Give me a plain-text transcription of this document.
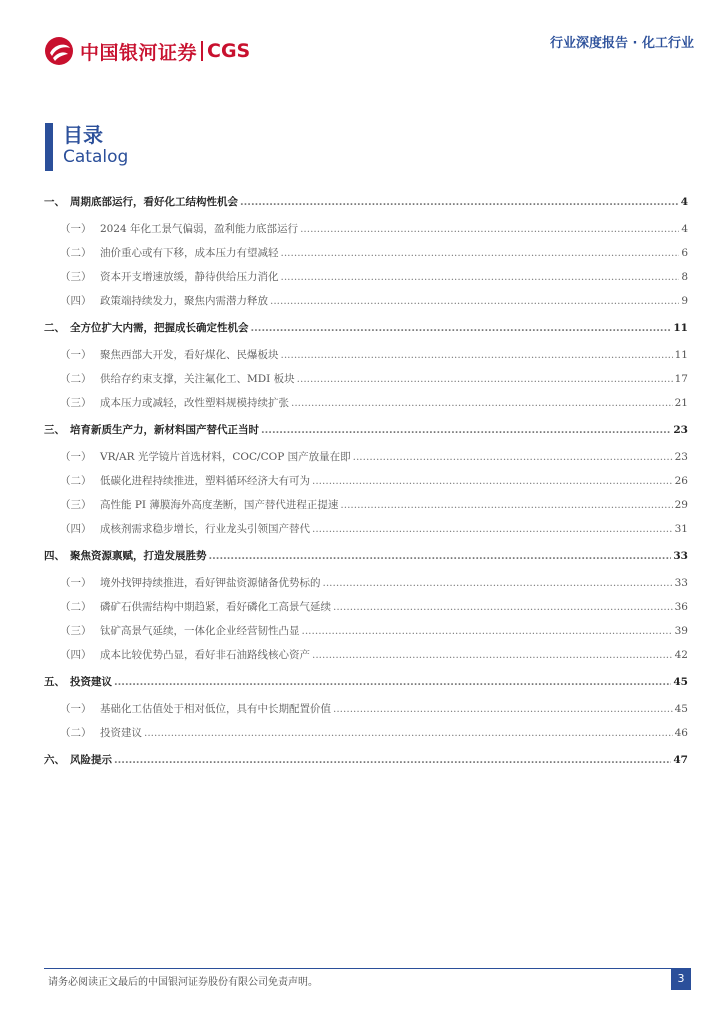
中国银河证券 CGS	行业深度报告 · 化工行业
目录
Catalog
一、 周期底部运行，看好化工结构性机会 .....	4
（一） 2024 年化工景气偏弱，盈利能力底部运行 .....	4
（二） 油价重心或有下移，成本压力有望减轻 .....	6
（三） 资本开支增速放缓，静待供给压力消化 .....	8
（四） 政策端持续发力，聚焦内需潜力释放 .....	9
二、 全方位扩大内需，把握成长确定性机会 .....	11
（一） 聚焦西部大开发，看好煤化、民爆板块 .....	11
（二） 供给存约束支撑，关注氟化工、MDI 板块 .....	17
（三） 成本压力或减轻，改性塑料规模持续扩张 .....	21
三、 培育新质生产力，新材料国产替代正当时 .....	23
（一） VR/AR 光学镜片首选材料，COC/COP 国产放量在即 .....	23
（二） 低碳化进程持续推进，塑料循环经济大有可为 .....	26
（三） 高性能 PI 薄膜海外高度垄断，国产替代进程正提速 .....	29
（四） 成核剂需求稳步增长，行业龙头引领国产替代 .....	31
四、 聚焦资源禀赋，打造发展胜势 .....	33
（一） 境外找钾持续推进，看好钾盐资源储备优势标的 .....	33
（二） 磷矿石供需结构中期趋紧，看好磷化工高景气延续 .....	36
（三） 钛矿高景气延续，一体化企业经营韧性凸显 .....	39
（四） 成本比较优势凸显，看好非石油路线核心资产 .....	42
五、 投资建议 .....	45
（一） 基础化工估值处于相对低位，具有中长期配置价值 .....	45
（二） 投资建议 .....	46
六、 风险提示 .....	47
请务必阅读正文最后的中国银河证券股份有限公司免责声明。	3
